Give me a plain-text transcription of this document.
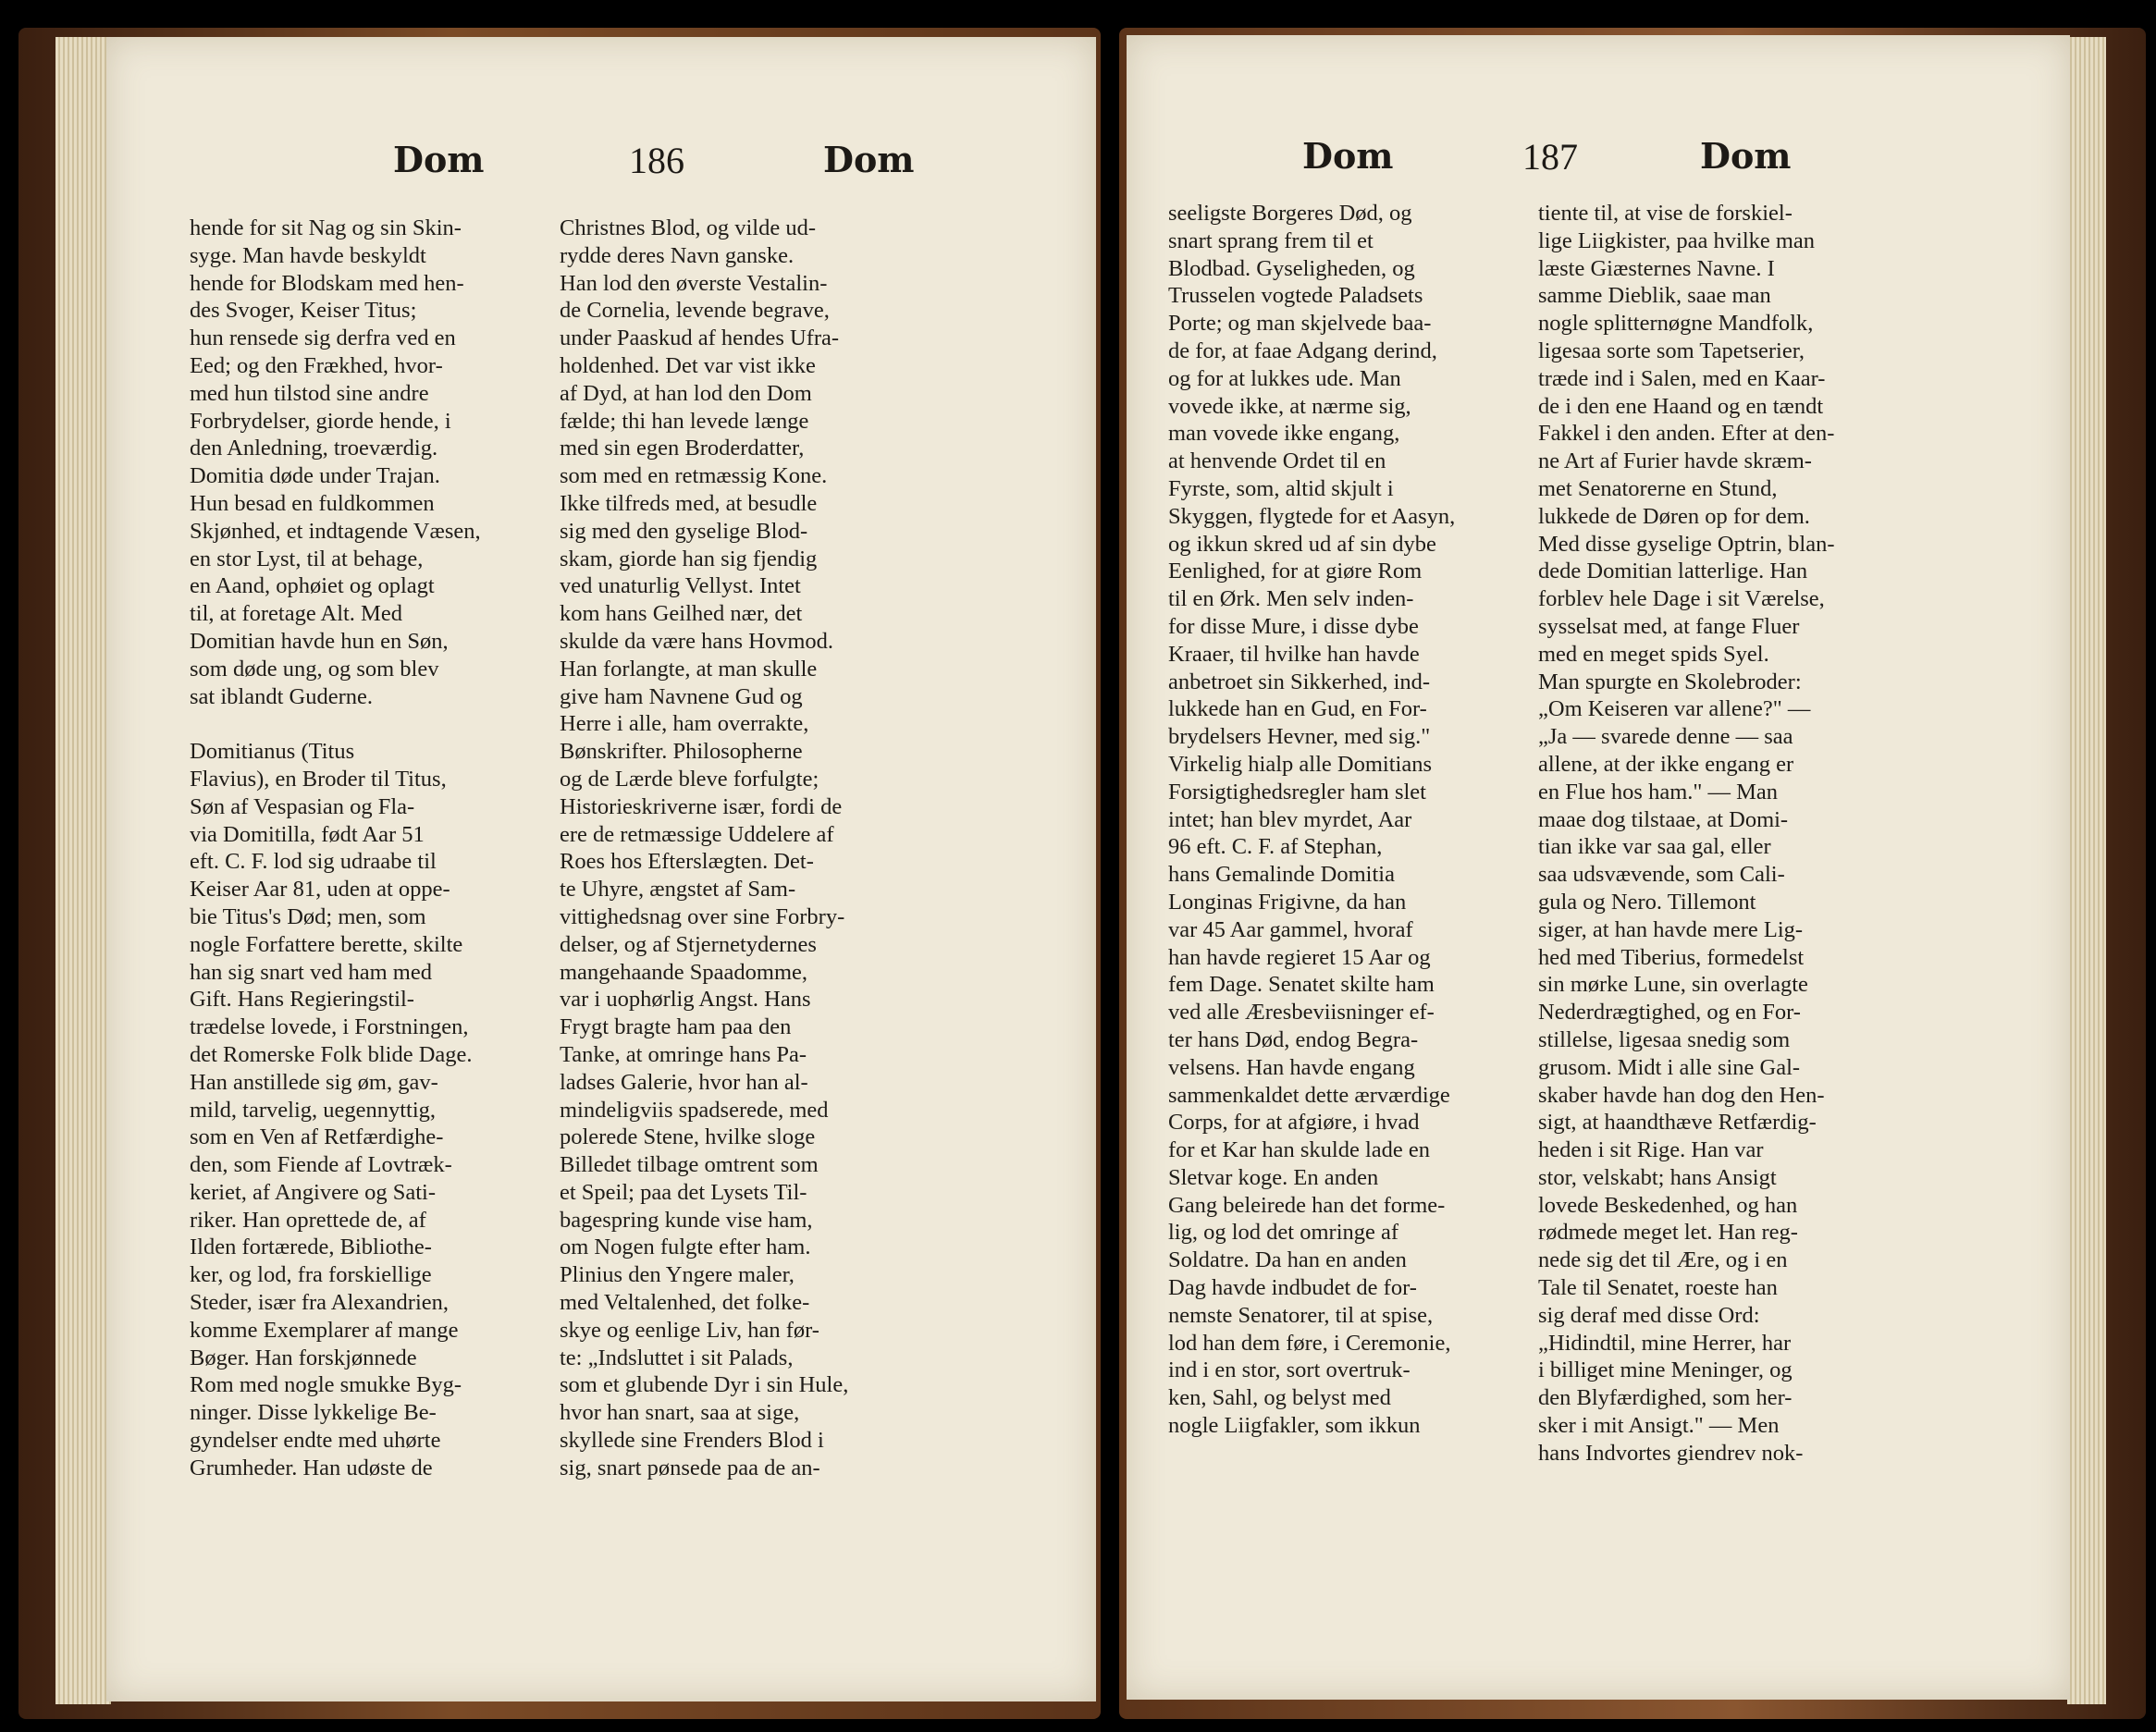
Dom	186	Dom
hende for sit Nag og sin Skin-
syge. Man havde beskyldt
hende for Blodskam med hen-
des Svoger, Keiser Titus;
hun rensede sig derfra ved en
Eed; og den Frækhed, hvor-
med hun tilstod sine andre
Forbrydelser, giorde hende, i
den Anledning, troeværdig.
Domitia døde under Trajan.
Hun besad en fuldkommen
Skjønhed, et indtagende Væsen,
en stor Lyst, til at behage,
en Aand, ophøiet og oplagt
til, at foretage Alt. Med
Domitian havde hun en Søn,
som døde ung, og som blev
sat iblandt Guderne.

Domitianus (Titus
Flavius), en Broder til Titus,
Søn af Vespasian og Fla-
via Domitilla, født Aar 51
eft. C. F. lod sig udraabe til
Keiser Aar 81, uden at oppe-
bie Titus's Død; men, som
nogle Forfattere berette, skilte
han sig snart ved ham med
Gift. Hans Regieringstil-
trædelse lovede, i Forstningen,
det Romerske Folk blide Dage.
Han anstillede sig øm, gav-
mild, tarvelig, uegennyttig,
som en Ven af Retfærdighe-
den, som Fiende af Lovtræk-
keriet, af Angivere og Sati-
riker. Han oprettede de, af
Ilden fortærede, Bibliothe-
ker, og lod, fra forskiellige
Steder, især fra Alexandrien,
komme Exemplarer af mange
Bøger. Han forskjønnede
Rom med nogle smukke Byg-
ninger. Disse lykkelige Be-
gyndelser endte med uhørte
Grumheder. Han udøste de
Christnes Blod, og vilde ud-
rydde deres Navn ganske.
Han lod den øverste Vestalin-
de Cornelia, levende begrave,
under Paaskud af hendes Ufra-
holdenhed. Det var vist ikke
af Dyd, at han lod den Dom
fælde; thi han levede længe
med sin egen Broderdatter,
som med en retmæssig Kone.
Ikke tilfreds med, at besudle
sig med den gyselige Blod-
skam, giorde han sig fjendig
ved unaturlig Vellyst. Intet
kom hans Geilhed nær, det
skulde da være hans Hovmod.
Han forlangte, at man skulle
give ham Navnene Gud og
Herre i alle, ham overrakte,
Bønskrifter. Philosopherne
og de Lærde bleve forfulgte;
Historieskriverne især, fordi de
ere de retmæssige Uddelere af
Roes hos Efterslægten. Det-
te Uhyre, ængstet af Sam-
vittighedsnag over sine Forbry-
delser, og af Stjernetydernes
mangehaande Spaadomme,
var i uophørlig Angst. Hans
Frygt bragte ham paa den
Tanke, at omringe hans Pa-
ladses Galerie, hvor han al-
mindeligviis spadserede, med
polerede Stene, hvilke sloge
Billedet tilbage omtrent som
et Speil; paa det Lysets Til-
bagespring kunde vise ham,
om Nogen fulgte efter ham.
Plinius den Yngere maler,
med Veltalenhed, det folke-
skye og eenlige Liv, han før-
te: „Indsluttet i sit Palads,
som et glubende Dyr i sin Hule,
hvor han snart, saa at sige,
skyllede sine Frenders Blod i
sig, snart pønsede paa de an-
Dom	187	Dom
seeligste Borgeres Død, og
snart sprang frem til et
Blodbad. Gyseligheden, og
Trusselen vogtede Paladsets
Porte; og man skjelvede baa-
de for, at faae Adgang derind,
og for at lukkes ude. Man
vovede ikke, at nærme sig,
man vovede ikke engang,
at henvende Ordet til en
Fyrste, som, altid skjult i
Skyggen, flygtede for et Aasyn,
og ikkun skred ud af sin dybe
Eenlighed, for at giøre Rom
til en Ørk. Men selv inden-
for disse Mure, i disse dybe
Kraaer, til hvilke han havde
anbetroet sin Sikkerhed, ind-
lukkede han en Gud, en For-
brydelsers Hevner, med sig."
Virkelig hialp alle Domitians
Forsigtighedsregler ham slet
intet; han blev myrdet, Aar
96 eft. C. F. af Stephan,
hans Gemalinde Domitia
Longinas Frigivne, da han
var 45 Aar gammel, hvoraf
han havde regieret 15 Aar og
fem Dage. Senatet skilte ham
ved alle Æresbeviisninger ef-
ter hans Død, endog Begra-
velsens. Han havde engang
sammenkaldet dette ærværdige
Corps, for at afgiøre, i hvad
for et Kar han skulde lade en
Sletvar koge. En anden
Gang beleirede han det forme-
lig, og lod det omringe af
Soldatre. Da han en anden
Dag havde indbudet de for-
nemste Senatorer, til at spise,
lod han dem føre, i Ceremonie,
ind i en stor, sort overtruk-
ken, Sahl, og belyst med
nogle Liigfakler, som ikkun
tiente til, at vise de forskiel-
lige Liigkister, paa hvilke man
læste Giæsternes Navne. I
samme Dieblik, saae man
nogle splitternøgne Mandfolk,
ligesaa sorte som Tapetserier,
træde ind i Salen, med en Kaar-
de i den ene Haand og en tændt
Fakkel i den anden. Efter at den-
ne Art af Furier havde skræm-
met Senatorerne en Stund,
lukkede de Døren op for dem.
Med disse gyselige Optrin, blan-
dede Domitian latterlige. Han
forblev hele Dage i sit Værelse,
sysselsat med, at fange Fluer
med en meget spids Syel.
Man spurgte en Skolebroder:
„Om Keiseren var allene?" —
„Ja — svarede denne — saa
allene, at der ikke engang er
en Flue hos ham." — Man
maae dog tilstaae, at Domi-
tian ikke var saa gal, eller
saa udsvævende, som Cali-
gula og Nero. Tillemont
siger, at han havde mere Lig-
hed med Tiberius, formedelst
sin mørke Lune, sin overlagte
Nederdrægtighed, og en For-
stillelse, ligesaa snedig som
grusom. Midt i alle sine Gal-
skaber havde han dog den Hen-
sigt, at haandthæve Retfærdig-
heden i sit Rige. Han var
stor, velskabt; hans Ansigt
lovede Beskedenhed, og han
rødmede meget let. Han reg-
nede sig det til Ære, og i en
Tale til Senatet, roeste han
sig deraf med disse Ord:
„Hidindtil, mine Herrer, har
i billiget mine Meninger, og
den Blyfærdighed, som her-
sker i mit Ansigt." — Men
hans Indvortes giendrev nok-
